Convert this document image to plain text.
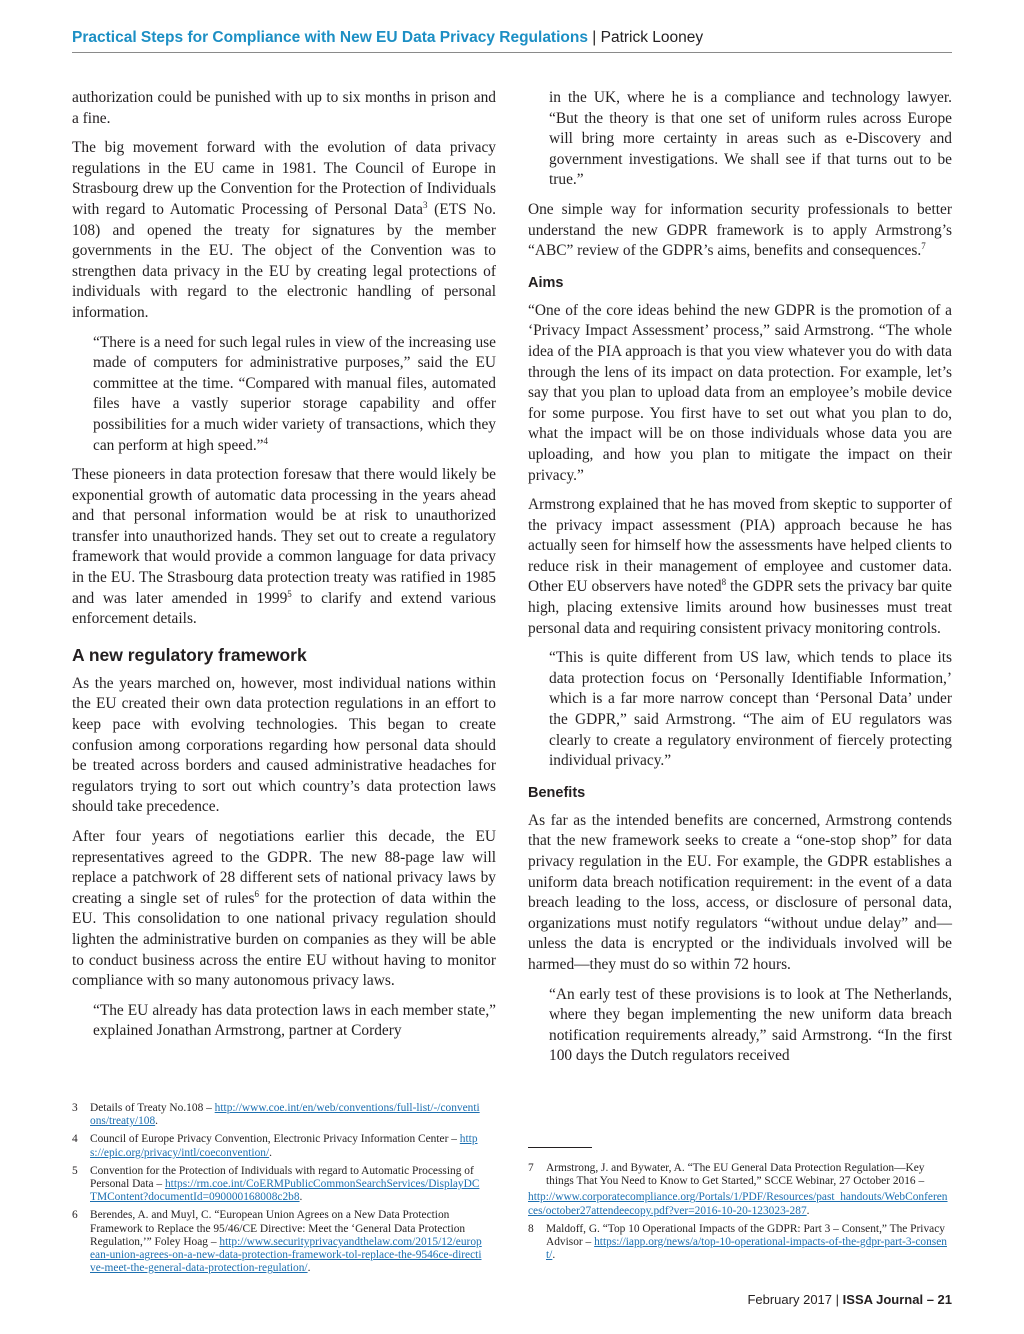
Practical Steps for Compliance with New EU Data Privacy Regulations | Patrick Looney

authorization could be punished with up to six months in prison and a fine.

The big movement forward with the evolution of data privacy regulations in the EU came in 1981. The Council of Europe in Strasbourg drew up the Convention for the Protection of Individuals with regard to Automatic Processing of Personal Data$^3$ (ETS No. 108) and opened the treaty for signatures by the member governments in the EU. The object of the Convention was to strengthen data privacy in the EU by creating legal protections of individuals with regard to the electronic handling of personal information.

“There is a need for such legal rules in view of the increasing use made of computers for administrative purposes,” said the EU committee at the time. “Compared with manual files, automated files have a vastly superior storage capability and offer possibilities for a much wider variety of transactions, which they can perform at high speed.”$^4$

These pioneers in data protection foresaw that there would likely be exponential growth of automatic data processing in the years ahead and that personal information would be at risk to unauthorized transfer into unauthorized hands. They set out to create a regulatory framework that would provide a common language for data privacy in the EU. The Strasbourg data protection treaty was ratified in 1985 and was later amended in 1999$^5$ to clarify and extend various enforcement details.

A new regulatory framework

As the years marched on, however, most individual nations within the EU created their own data protection regulations in an effort to keep pace with evolving technologies. This began to create confusion among corporations regarding how personal data should be treated across borders and caused administrative headaches for regulators trying to sort out which country’s data protection laws should take precedence.

After four years of negotiations earlier this decade, the EU representatives agreed to the GDPR. The new 88-page law will replace a patchwork of 28 different sets of national privacy laws by creating a single set of rules$^6$ for the protection of data within the EU. This consolidation to one national privacy regulation should lighten the administrative burden on companies as they will be able to conduct business across the entire EU without having to monitor compliance with so many autonomous privacy laws.

“The EU already has data protection laws in each member state,” explained Jonathan Armstrong, partner at Cordery

in the UK, where he is a compliance and technology lawyer. “But the theory is that one set of uniform rules across Europe will bring more certainty in areas such as e-Discovery and government investigations. We shall see if that turns out to be true.”

One simple way for information security professionals to better understand the new GDPR framework is to apply Armstrong’s “ABC” review of the GDPR’s aims, benefits and consequences.$^7$

Aims

“One of the core ideas behind the new GDPR is the promotion of a ‘Privacy Impact Assessment’ process,” said Armstrong. “The whole idea of the PIA approach is that you view whatever you do with data through the lens of its impact on data protection. For example, let’s say that you plan to upload data from an employee’s mobile device for some purpose. You first have to set out what you plan to do, what the impact will be on those individuals whose data you are uploading, and how you plan to mitigate the impact on their privacy.”

Armstrong explained that he has moved from skeptic to supporter of the privacy impact assessment (PIA) approach because he has actually seen for himself how the assessments have helped clients to reduce risk in their management of employee and customer data. Other EU observers have noted$^8$ the GDPR sets the privacy bar quite high, placing extensive limits around how businesses must treat personal data and requiring consistent privacy monitoring controls.

“This is quite different from US law, which tends to place its data protection focus on ‘Personally Identifiable Information,’ which is a far more narrow concept than ‘Personal Data’ under the GDPR,” said Armstrong. “The aim of EU regulators was clearly to create a regulatory environment of fiercely protecting individual privacy.”

Benefits

As far as the intended benefits are concerned, Armstrong contends that the new framework seeks to create a “one-stop shop” for data privacy regulation in the EU. For example, the GDPR establishes a uniform data breach notification requirement: in the event of a data breach leading to the loss, access, or disclosure of personal data, organizations must notify regulators “without undue delay” and—unless the data is encrypted or the individuals involved will be harmed—they must do so within 72 hours.

“An early test of these provisions is to look at The Netherlands, where they began implementing the new uniform data breach notification requirements already,” said Armstrong. “In the first 100 days the Dutch regulators received

3	Details of Treaty No.108 – http://www.coe.int/en/web/conventions/full-list/-/conventions/treaty/108.
4	Council of Europe Privacy Convention, Electronic Privacy Information Center – https://epic.org/privacy/intl/coeconvention/.
5	Convention for the Protection of Individuals with regard to Automatic Processing of Personal Data – https://rm.coe.int/CoERMPublicCommonSearchServices/DisplayDCTMContent?documentId=090000168008c2b8.
6	Berendes, A. and Muyl, C. “European Union Agrees on a New Data Protection Framework to Replace the 95/46/CE Directive: Meet the ‘General Data Protection Regulation,’” Foley Hoag – http://www.securityprivacyandthelaw.com/2015/12/european-union-agrees-on-a-new-data-protection-framework-tol-replace-the-9546ce-directive-meet-the-general-data-protection-regulation/.
7	Armstrong, J. and Bywater, A. “The EU General Data Protection Regulation—Key things That You Need to Know to Get Started,” SCCE Webinar, 27 October 2016 –
http://www.corporatecompliance.org/Portals/1/PDF/Resources/past_handouts/WebConferences/october27attendeecopy.pdf?ver=2016-10-20-123023-287.
8	Maldoff, G. “Top 10 Operational Impacts of the GDPR: Part 3 – Consent,” The Privacy Advisor – https://iapp.org/news/a/top-10-operational-impacts-of-the-gdpr-part-3-consent/.
February 2017 | ISSA Journal – 21
